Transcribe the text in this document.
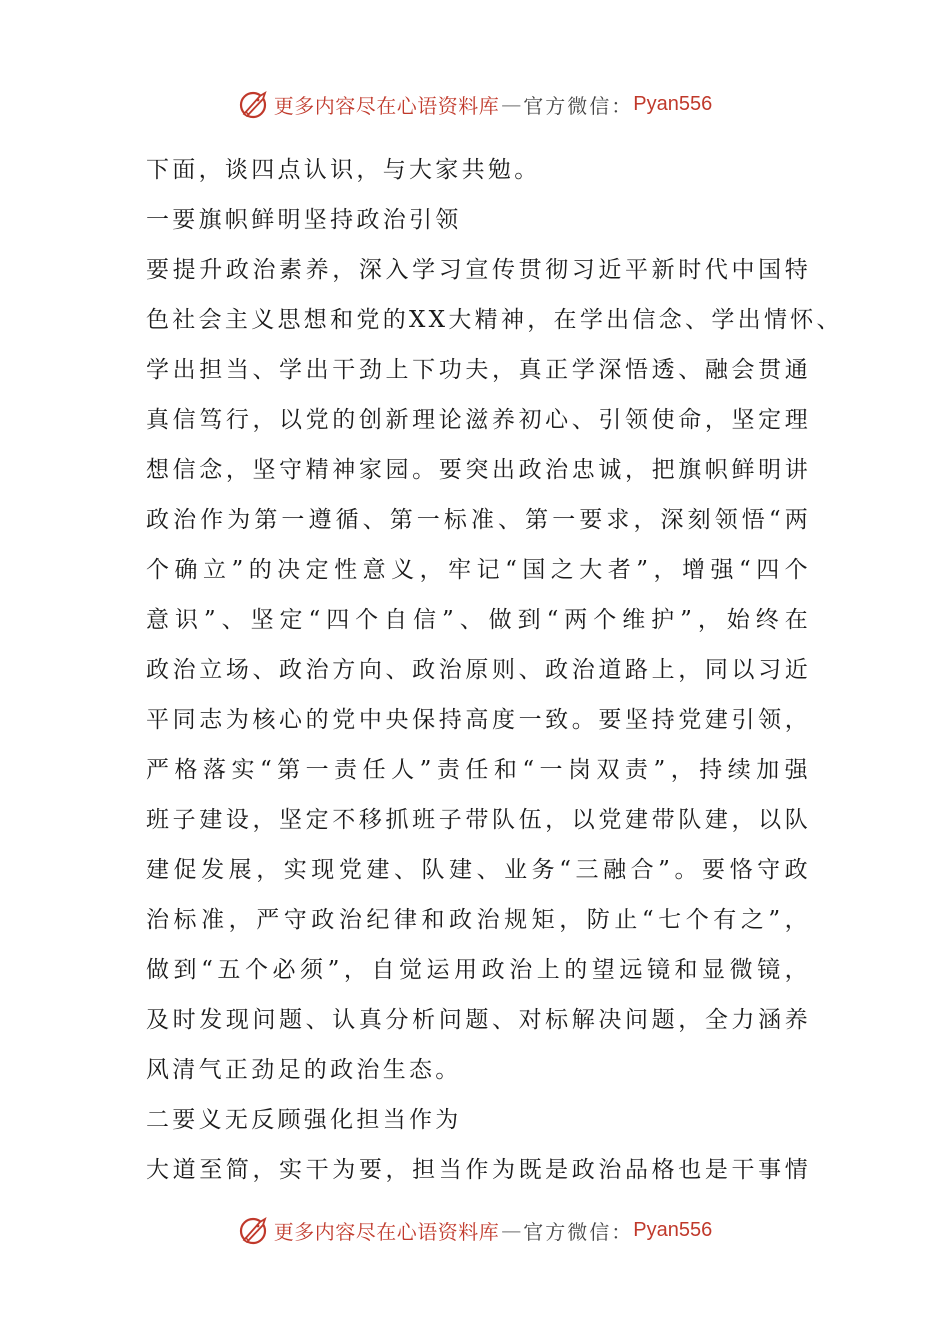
更多内容尽在心语资料库 — 官方微信： Pyan556
下面，谈四点认识，与大家共勉。
一要旗帜鲜明坚持政治引领
要提升政治素养，深入学习宣传贯彻习近平新时代中国特
色社会主义思想和党的XX大精神，在学出信念、学出情怀、
学出担当、学出干劲上下功夫，真正学深悟透、融会贯通
真信笃行，以党的创新理论滋养初心、引领使命，坚定理
想信念，坚守精神家园。要突出政治忠诚，把旗帜鲜明讲
政治作为第一遵循、第一标准、第一要求，深刻领悟“两
个确立”的决定性意义，牢记“国之大者”，增强“四个
意识”、坚定“四个自信”、做到“两个维护”，始终在
政治立场、政治方向、政治原则、政治道路上，同以习近
平同志为核心的党中央保持高度一致。要坚持党建引领，
严格落实“第一责任人”责任和“一岗双责”，持续加强
班子建设，坚定不移抓班子带队伍，以党建带队建，以队
建促发展，实现党建、队建、业务“三融合”。要恪守政
治标准，严守政治纪律和政治规矩，防止“七个有之”，
做到“五个必须”，自觉运用政治上的望远镜和显微镜，
及时发现问题、认真分析问题、对标解决问题，全力涵养
风清气正劲足的政治生态。
二要义无反顾强化担当作为
大道至简，实干为要，担当作为既是政治品格也是干事情
更多内容尽在心语资料库 — 官方微信： Pyan556
